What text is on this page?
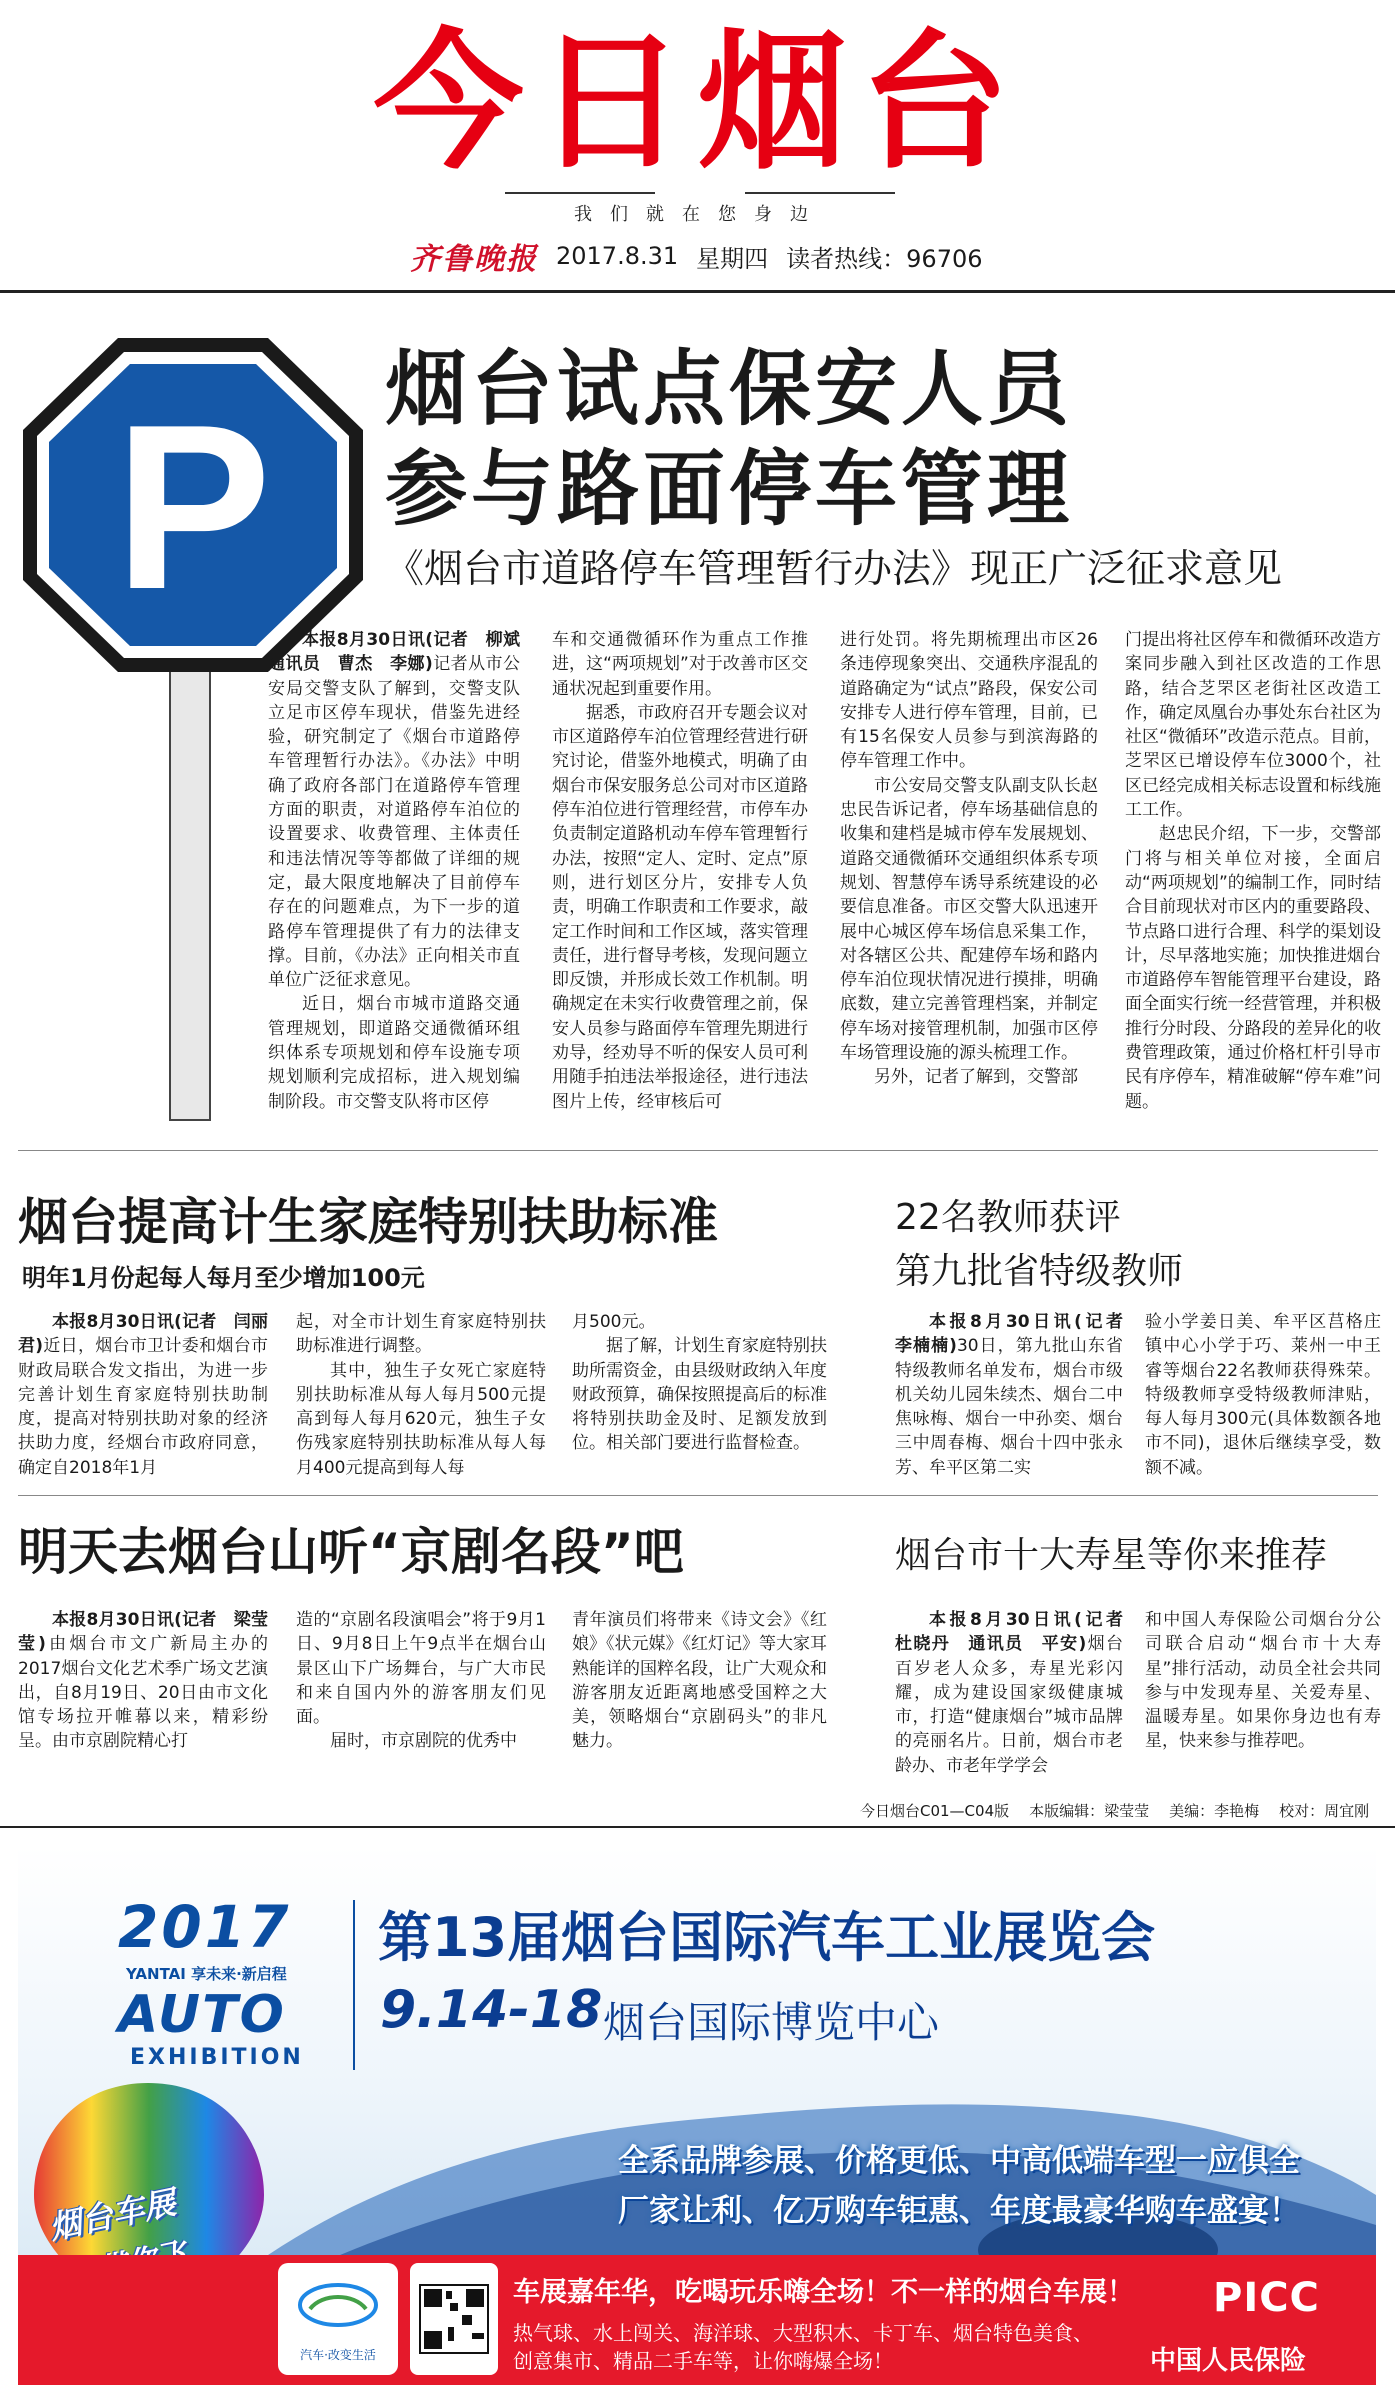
今日烟台
我们就在您身边
齐鲁晚报 2017.8.31 星期四 读者热线：96706
P 烟台试点保安人员
参与路面停车管理
《烟台市道路停车管理暂行办法》现正广泛征求意见

本报8月30日讯(记者　柳斌　通讯员　曹杰　李娜)记者从市公安局交警支队了解到，交警支队立足市区停车现状，借鉴先进经验，研究制定了《烟台市道路停车管理暂行办法》。《办法》中明确了政府各部门在道路停车管理方面的职责，对道路停车泊位的设置要求、收费管理、主体责任和违法情况等等都做了详细的规定，最大限度地解决了目前停车存在的问题难点，为下一步的道路停车管理提供了有力的法律支撑。目前，《办法》正向相关市直单位广泛征求意见。

近日，烟台市城市道路交通管理规划，即道路交通微循环组织体系专项规划和停车设施专项规划顺利完成招标，进入规划编制阶段。市交警支队将市区停

车和交通微循环作为重点工作推进，这“两项规划”对于改善市区交通状况起到重要作用。

据悉，市政府召开专题会议对市区道路停车泊位管理经营进行研究讨论，借鉴外地模式，明确了由烟台市保安服务总公司对市区道路停车泊位进行管理经营，市停车办负责制定道路机动车停车管理暂行办法，按照“定人、定时、定点”原则，进行划区分片，安排专人负责，明确工作职责和工作要求，敲定工作时间和工作区域，落实管理责任，进行督导考核，发现问题立即反馈，并形成长效工作机制。明确规定在未实行收费管理之前，保安人员参与路面停车管理先期进行劝导，经劝导不听的保安人员可利用随手拍违法举报途径，进行违法图片上传，经审核后可

进行处罚。将先期梳理出市区26条违停现象突出、交通秩序混乱的道路确定为“试点”路段，保安公司安排专人进行停车管理，目前，已有15名保安人员参与到滨海路的停车管理工作中。

市公安局交警支队副支队长赵忠民告诉记者，停车场基础信息的收集和建档是城市停车发展规划、道路交通微循环交通组织体系专项规划、智慧停车诱导系统建设的必要信息准备。市区交警大队迅速开展中心城区停车场信息采集工作，对各辖区公共、配建停车场和路内停车泊位现状情况进行摸排，明确底数，建立完善管理档案，并制定停车场对接管理机制，加强市区停车场管理设施的源头梳理工作。

另外，记者了解到，交警部

门提出将社区停车和微循环改造方案同步融入到社区改造的工作思路，结合芝罘区老街社区改造工作，确定凤凰台办事处东台社区为社区“微循环”改造示范点。目前，芝罘区已增设停车位3000个，社区已经完成相关标志设置和标线施工工作。

赵忠民介绍，下一步，交警部门将与相关单位对接，全面启动“两项规划”的编制工作，同时结合目前现状对市区内的重要路段、节点路口进行合理、科学的渠划设计，尽早落地实施；加快推进烟台市道路停车智能管理平台建设，路面全面实行统一经营管理，并积极推行分时段、分路段的差异化的收费管理政策，通过价格杠杆引导市民有序停车，精准破解“停车难”问题。

烟台提高计生家庭特别扶助标准
明年1月份起每人每月至少增加100元

本报8月30日讯(记者　闫丽君)近日，烟台市卫计委和烟台市财政局联合发文指出，为进一步完善计划生育家庭特别扶助制度，提高对特别扶助对象的经济扶助力度，经烟台市政府同意，确定自2018年1月

起，对全市计划生育家庭特别扶助标准进行调整。

其中，独生子女死亡家庭特别扶助标准从每人每月500元提高到每人每月620元，独生子女伤残家庭特别扶助标准从每人每月400元提高到每人每

月500元。

据了解，计划生育家庭特别扶助所需资金，由县级财政纳入年度财政预算，确保按照提高后的标准将特别扶助金及时、足额发放到位。相关部门要进行监督检查。

22名教师获评
第九批省特级教师

本报8月30日讯(记者　李楠楠)30日，第九批山东省特级教师名单发布，烟台市级机关幼儿园朱续杰、烟台二中焦咏梅、烟台一中孙奕、烟台三中周春梅、烟台十四中张永芳、牟平区第二实

验小学姜日美、牟平区莒格庄镇中心小学于巧、莱州一中王睿等烟台22名教师获得殊荣。特级教师享受特级教师津贴，每人每月300元(具体数额各地市不同)，退休后继续享受，数额不减。

明天去烟台山听“京剧名段”吧

本报8月30日讯(记者　梁莹莹)由烟台市文广新局主办的2017烟台文化艺术季广场文艺演出，自8月19日、20日由市文化馆专场拉开帷幕以来，精彩纷呈。由市京剧院精心打

造的“京剧名段演唱会”将于9月1日、9月8日上午9点半在烟台山景区山下广场舞台，与广大市民和来自国内外的游客朋友们见面。

届时，市京剧院的优秀中

青年演员们将带来《诗文会》《红娘》《状元媒》《红灯记》等大家耳熟能详的国粹名段，让广大观众和游客朋友近距离地感受国粹之大美，领略烟台“京剧码头”的非凡魅力。

烟台市十大寿星等你来推荐

本报8月30日讯(记者　杜晓丹　通讯员　平安)烟台百岁老人众多，寿星光彩闪耀，成为建设国家级健康城市，打造“健康烟台”城市品牌的亮丽名片。日前，烟台市老龄办、市老年学学会

和中国人寿保险公司烟台分公司联合启动“烟台市十大寿星”排行活动，动员全社会共同参与中发现寿星、关爱寿星、温暖寿星。如果你身边也有寿星，快来参与推荐吧。

今日烟台C01—C04版 本版编辑：梁莹莹 美编：李艳梅 校对：周宜刚
2017
YANTAI 享未来·新启程
AUTO
EXHIBITION
第13届烟台国际汽车工业展览会
9.14-18 烟台国际博览中心
全系品牌参展、价格更低、中高低端车型一应俱全
厂家让利、亿万购车钜惠、年度最豪华购车盛宴！
烟台车展
汽车·改变生活
车展嘉年华，吃喝玩乐嗨全场！不一样的烟台车展！
热气球、水上闯关、海洋球、大型积木、卡丁车、烟台特色美食、
创意集市、精品二手车等，让你嗨爆全场！
PICC
中国人民保险
